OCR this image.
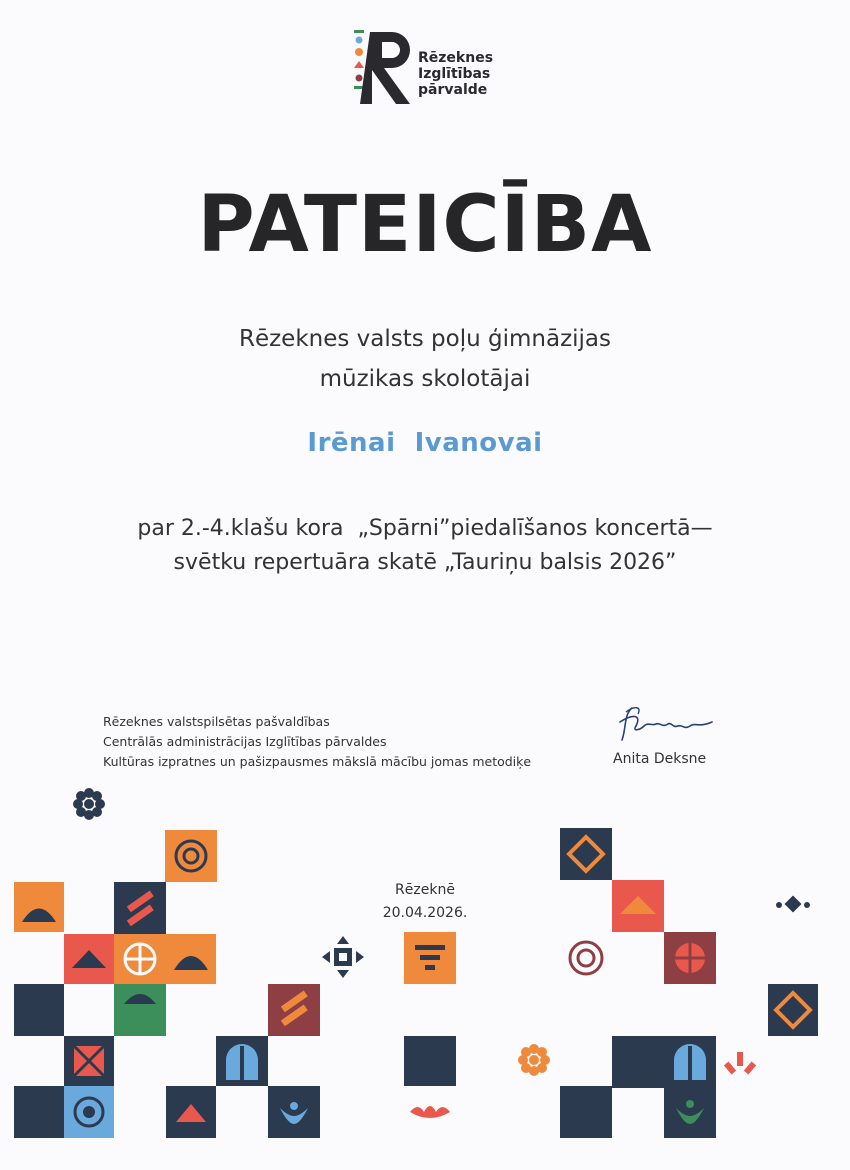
Rēzeknes
Izglītības
pārvalde
PATEICĪBA
Rēzeknes valsts poļu ģimnāzijas
mūzikas skolotājai
Irēnai  Ivanovai
par 2.-4.klašu kora  „Spārni”piedalīšanos koncertā—
svētku repertuāra skatē „Tauriņu balsis 2026”
Rēzeknes valstspilsētas pašvaldības
Centrālās administrācijas Izglītības pārvaldes
Kultūras izpratnes un pašizpausmes mākslā mācību jomas metodiķe	Anita Deksne
Rēzeknē
20.04.2026.
